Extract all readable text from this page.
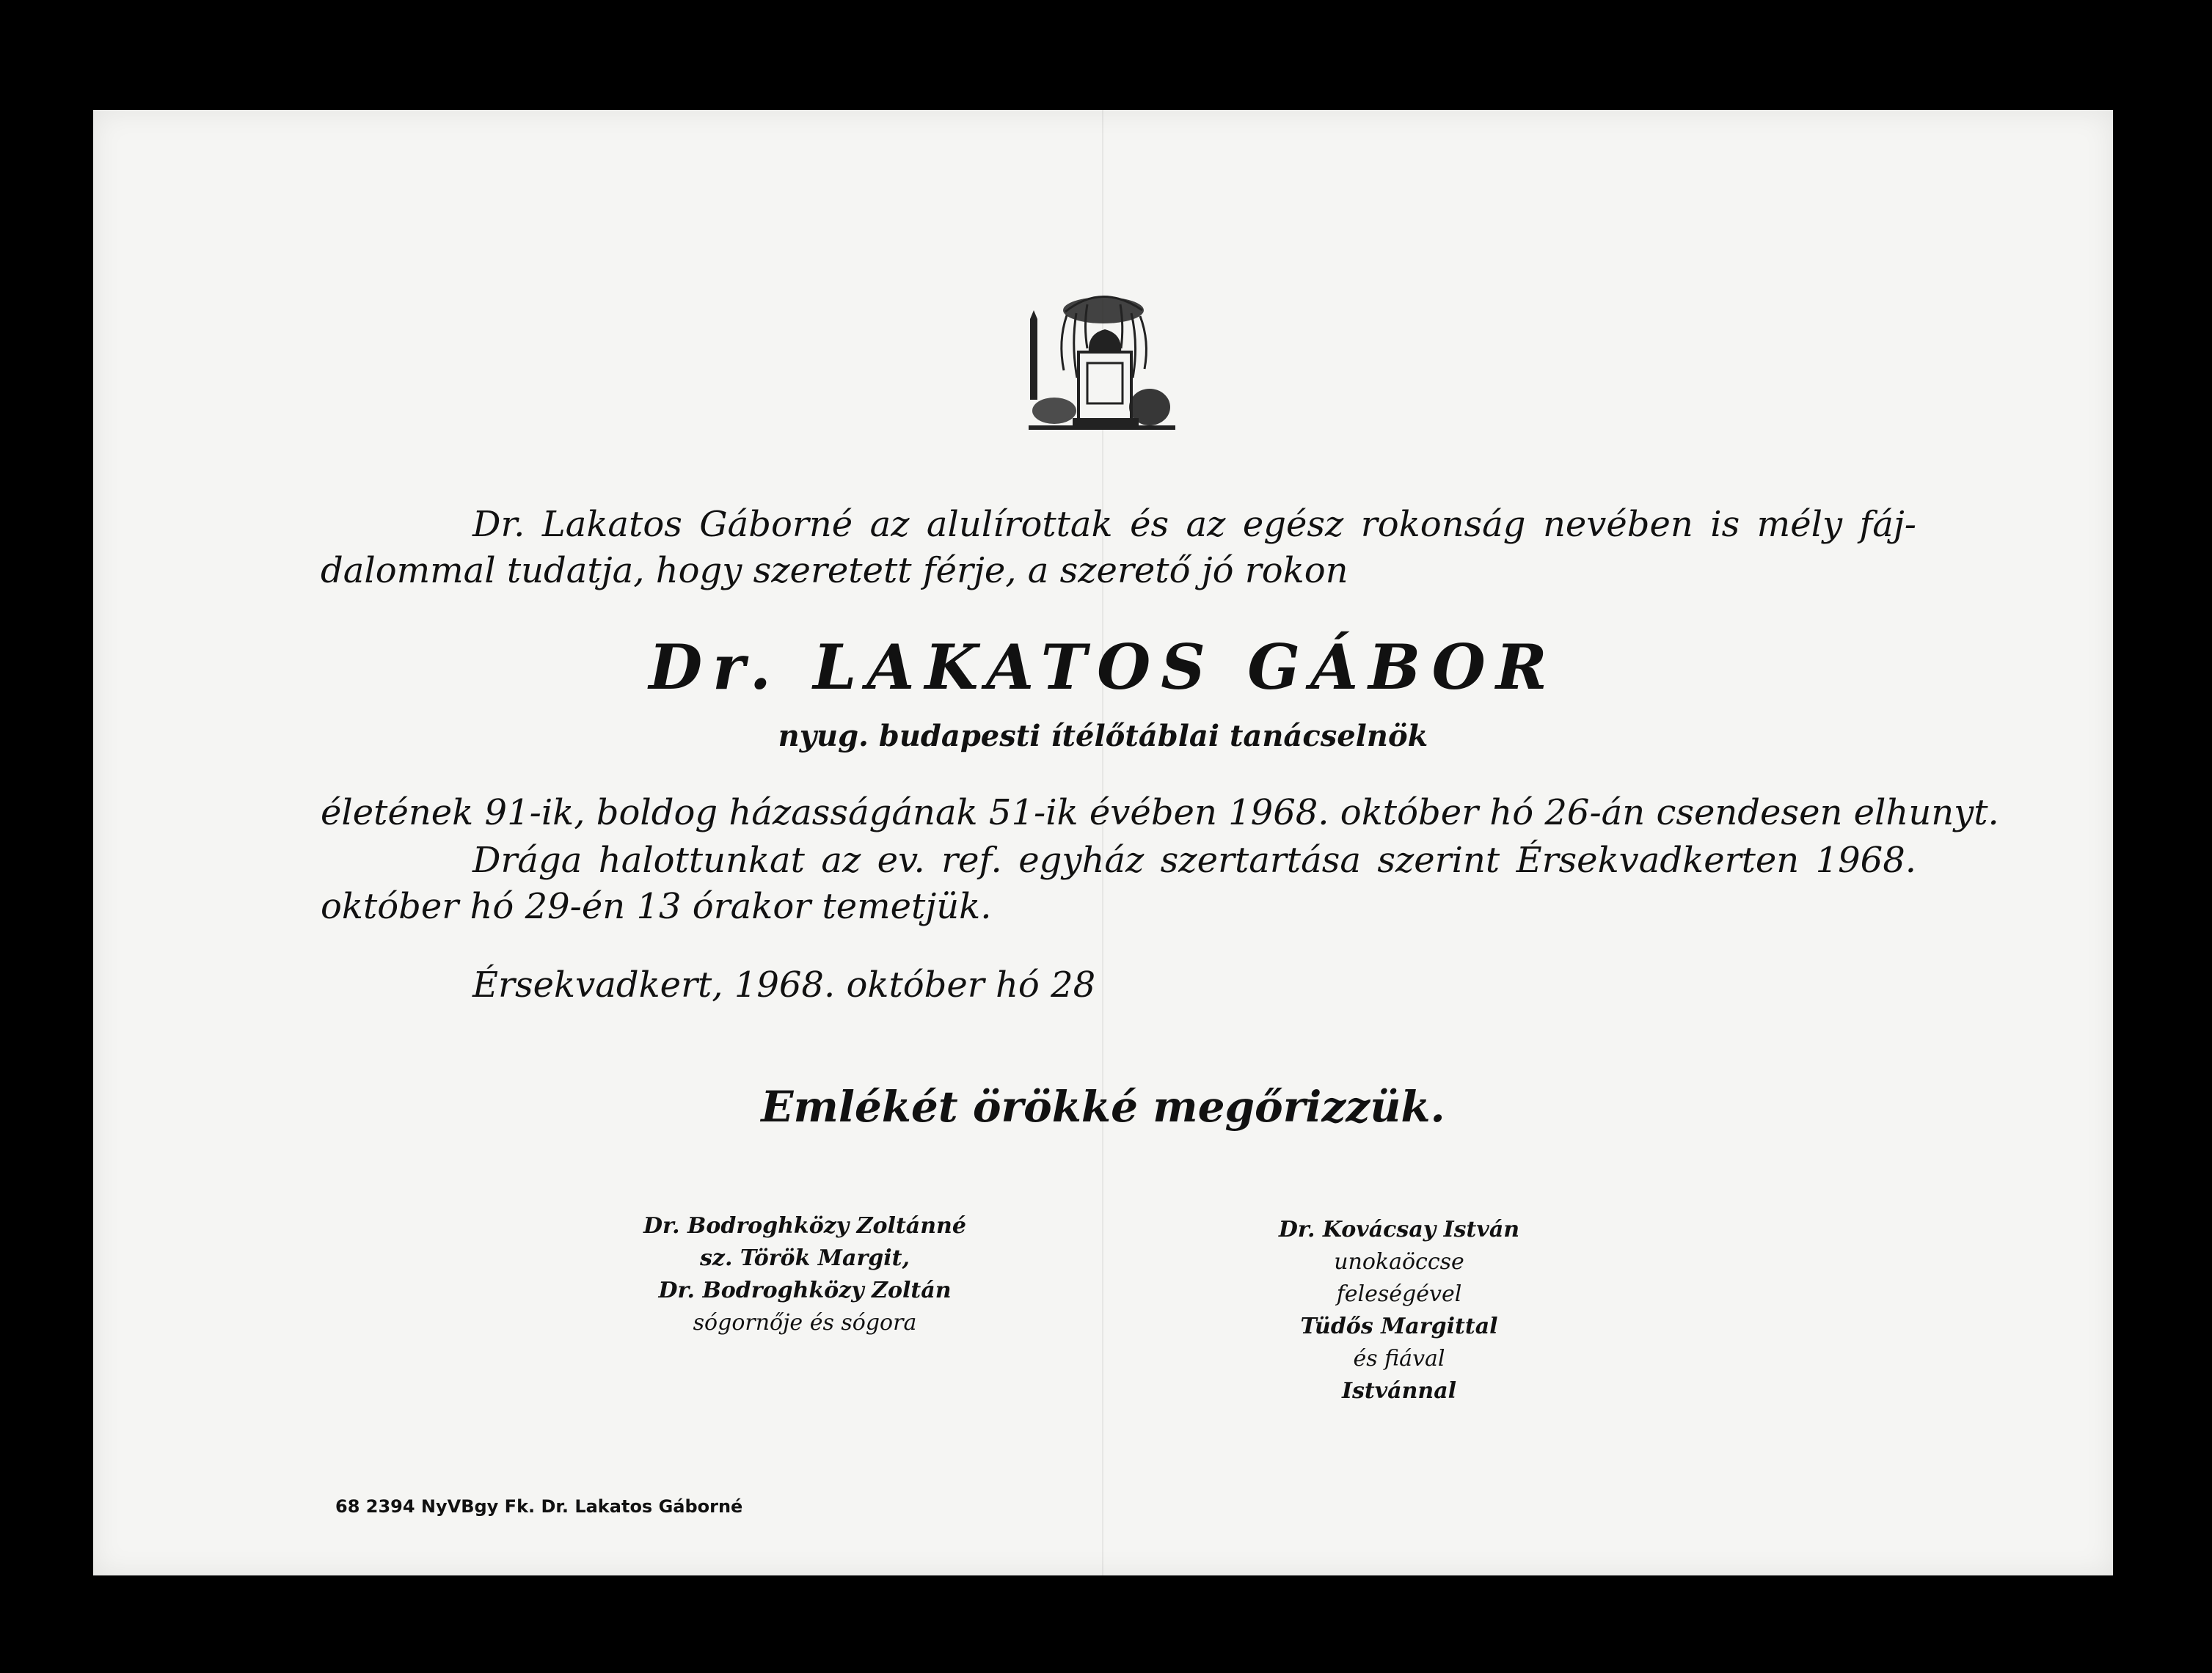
Dr. Lakatos Gáborné az alulírottak és az egész rokonság nevében is mély fáj-
dalommal tudatja, hogy szeretett férje, a szerető jó rokon
Dr. LAKATOS GÁBOR
nyug. budapesti ítélőtáblai tanácselnök
életének 91-ik, boldog házasságának 51-ik évében 1968. október hó 26-án csendesen elhunyt.
Drága halottunkat az ev. ref. egyház szertartása szerint Érsekvadkerten 1968.
október hó 29-én 13 órakor temetjük.
Érsekvadkert, 1968. október hó 28
Emlékét örökké megőrizzük.
Dr. Bodroghközy Zoltánné
sz. Török Margit,
Dr. Bodroghközy Zoltán
sógornője és sógora
Dr. Kovácsay István
unokaöccse
feleségével
Tüdős Margittal
és fiával
Istvánnal
68 2394 NyVBgy Fk. Dr. Lakatos Gáborné
